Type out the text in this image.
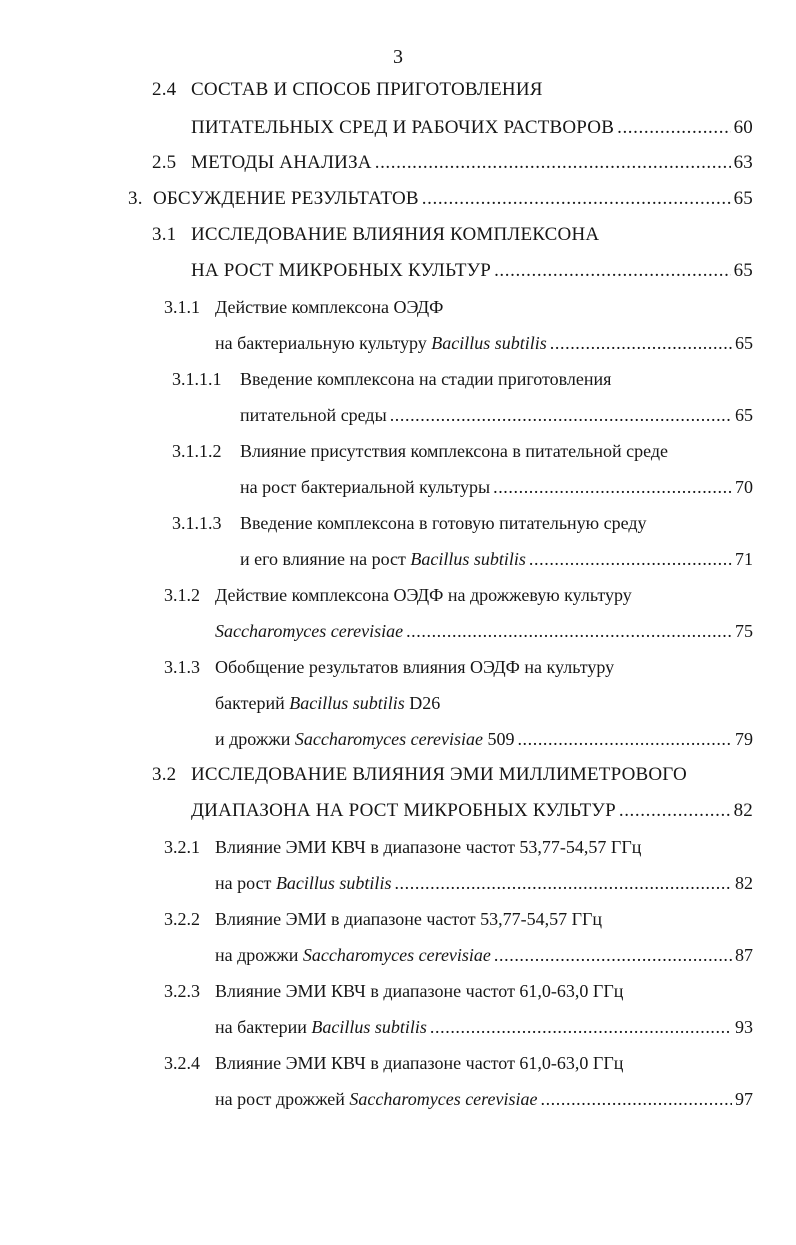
3
2.4 СОСТАВ И СПОСОБ ПРИГОТОВЛЕНИЯ
ПИТАТЕЛЬНЫХ СРЕД И РАБОЧИХ РАСТВОРОВ .....	60
2.5 МЕТОДЫ АНАЛИЗА .....	63
3. ОБСУЖДЕНИЕ РЕЗУЛЬТАТОВ .....	65
3.1 ИССЛЕДОВАНИЕ ВЛИЯНИЯ КОМПЛЕКСОНА
НА РОСТ МИКРОБНЫХ КУЛЬТУР .....	65
3.1.1 Действие комплексона ОЭДФ
на бактериальную культуру Bacillus subtilis .....	65
3.1.1.1 Введение комплексона на стадии приготовления
питательной среды .....	65
3.1.1.2 Влияние присутствия комплексона в питательной среде
на рост бактериальной культуры .....	70
3.1.1.3 Введение комплексона в готовую питательную среду
и его влияние на рост Bacillus subtilis .....	71
3.1.2 Действие комплексона ОЭДФ на дрожжевую культуру
Saccharomyces cerevisiae .....	75
3.1.3 Обобщение результатов влияния ОЭДФ на культуру
бактерий Bacillus subtilis D26
и дрожжи Saccharomyces cerevisiae 509 .....	79
3.2 ИССЛЕДОВАНИЕ ВЛИЯНИЯ ЭМИ МИЛЛИМЕТРОВОГО
ДИАПАЗОНА НА РОСТ МИКРОБНЫХ КУЛЬТУР .....	82
3.2.1 Влияние ЭМИ КВЧ в диапазоне частот 53,77-54,57 ГГц
на рост Bacillus subtilis .....	82
3.2.2 Влияние ЭМИ в диапазоне частот 53,77-54,57 ГГц
на дрожжи Saccharomyces cerevisiae .....	87
3.2.3 Влияние ЭМИ КВЧ в диапазоне частот 61,0-63,0 ГГц
на бактерии Bacillus subtilis .....	93
3.2.4 Влияние ЭМИ КВЧ в диапазоне частот 61,0-63,0 ГГц
на рост дрожжей Saccharomyces cerevisiae .....	97
